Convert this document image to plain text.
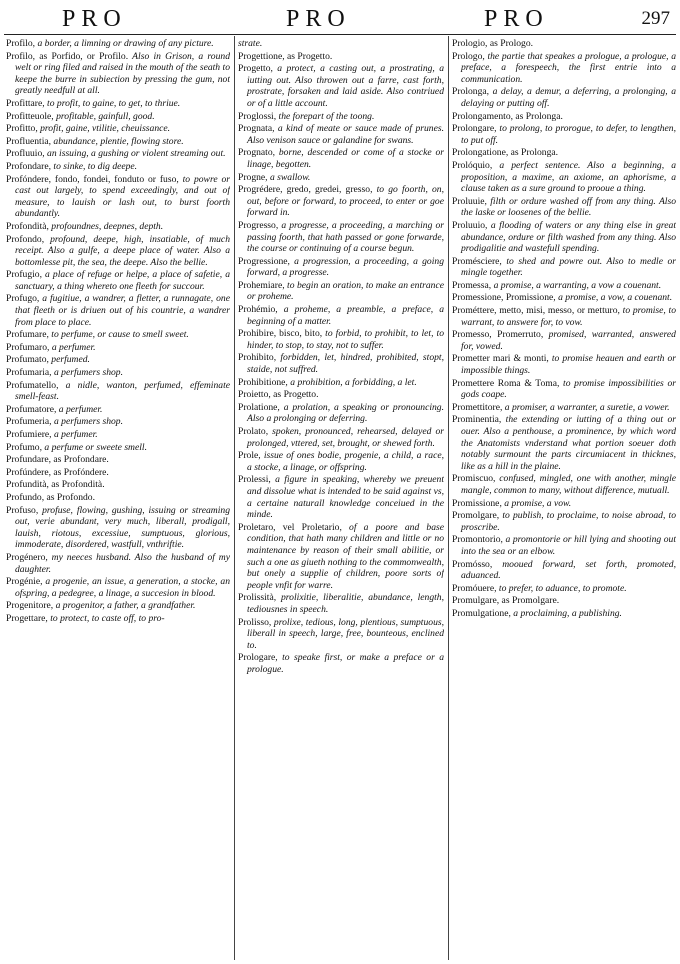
PRO	PRO	PRO	297
Profilo, a border, a limning or drawing of any picture.
Profilo, as Porfido, or Profilo. Also in Grison, a round welt or ring filed and raised in the mouth of the seath to keepe the burre in subiection by pressing the gum, not greatly needfull at all.
Profittare, to profit, to gaine, to get, to thriue.
Profitteuole, profitable, gainfull, good.
Profitto, profit, gaine, vtilitie, cheuissance.
Profluentia, abundance, plentie, flowing store.
Profluuio, an issuing, a gushing or violent streaming out.
Profondare, to sinke, to dig deepe.
Profóndere, fondo, fondei, fonduto or fuso, to powre or cast out largely, to spend exceedingly, and out of measure, to lauish or lash out, to burst foorth abundantly.
Profondità, profoundnes, deepnes, depth.
Profondo, profound, deepe, high, insatiable, of much receipt. Also a gulfe, a deepe place of water. Also a bottomlesse pit, the sea, the deepe. Also the bellie.
Profugio, a place of refuge or helpe, a place of safetie, a sanctuary, a thing whereto one fleeth for succour.
Profugo, a fugitiue, a wandrer, a fletter, a runnagate, one that fleeth or is driuen out of his countrie, a wandrer from place to place.
Profumare, to perfume, or cause to smell sweet.
Profumaro, a perfumer.
Profumato, perfumed.
Profumaria, a perfumers shop.
Profumatello, a nidle, wanton, perfumed, effeminate smell-feast.
Profumatore, a perfumer.
Profumeria, a perfumers shop.
Profumiere, a perfumer.
Profumo, a perfume or sweete smell.
Profundare, as Profondare.
Profúndere, as Profóndere.
Profundità, as Profondità.
Profundo, as Profondo.
Profuso, profuse, flowing, gushing, issuing or streaming out, verie abundant, very much, liberall, prodigall, lauish, riotous, excessiue, sumptuous, glorious, immoderate, disordered, wastfull, vnthriftie.
Progénero, my neeces husband. Also the husband of my daughter.
Progénie, a progenie, an issue, a generation, a stocke, an ofspring, a pedegree, a linage, a succesion in blood.
Progenitore, a progenitor, a father, a grandfather.
Progettare, to protect, to caste off, to pro-
strate.
Progettione, as Progetto.
Progetto, a protect, a casting out, a prostrating, a iutting out. Also throwen out a farre, cast forth, prostrate, forsaken and laid aside. Also contriued or of a little account.
Proglossi, the forepart of the toong.
Prognata, a kind of meate or sauce made of prunes. Also venison sauce or galandine for swans.
Prognato, borne, descended or come of a stocke or linage, begotten.
Progne, a swallow.
Progrédere, gredo, gredei, gresso, to go foorth, on, out, before or forward, to proceed, to enter or goe forward in.
Progresso, a progresse, a proceeding, a marching or passing foorth, that hath passed or gone forwarde, the course or continuing of a course begun.
Progressione, a progression, a proceeding, a going forward, a progresse.
Prohemiare, to begin an oration, to make an entrance or proheme.
Prohémio, a proheme, a preamble, a preface, a beginning of a matter.
Prohibire, bisco, bito, to forbid, to prohibit, to let, to hinder, to stop, to stay, not to suffer.
Prohibito, forbidden, let, hindred, prohibited, stopt, staide, not suffred.
Prohibitione, a prohibition, a forbidding, a let.
Proietto, as Progetto.
Prolatione, a prolation, a speaking or pronouncing. Also a prolonging or deferring.
Prolato, spoken, pronounced, rehearsed, delayed or prolonged, vttered, set, brought, or shewed forth.
Prole, issue of ones bodie, progenie, a child, a race, a stocke, a linage, or offspring.
Prolessi, a figure in speaking, whereby we preuent and dissolue what is intended to be said against vs, a certaine naturall knowledge conceiued in the minde.
Proletaro, vel Proletario, of a poore and base condition, that hath many children and little or no maintenance by reason of their small abilitie, or such a one as giueth nothing to the commonwealth, but onely a supplie of children, poore sorts of people vnfit for warre.
Prolissità, prolixitie, liberalitie, abundance, length, tediousnes in speech.
Prolisso, prolixe, tedious, long, plentious, sumptuous, liberall in speech, large, free, bounteous, enclined to.
Prologare, to speake first, or make a preface or a prologue.
Prologio, as Prologo.
Prologo, the partie that speakes a prologue, a prologue, a preface, a forespeech, the first entrie into a communication.
Prolonga, a delay, a demur, a deferring, a prolonging, a delaying or putting off.
Prolongamento, as Prolonga.
Prolongare, to prolong, to prorogue, to defer, to lengthen, to put off.
Prolongatione, as Prolonga.
Prolóquio, a perfect sentence. Also a beginning, a proposition, a maxime, an axiome, an aphorisme, a clause taken as a sure ground to prooue a thing.
Proluuie, filth or ordure washed off from any thing. Also the laske or loosenes of the bellie.
Proluuio, a flooding of waters or any thing else in great abundance, ordure or filth washed from any thing. Also prodigalitie and wastefull spending.
Promésciere, to shed and powre out. Also to medle or mingle together.
Promessa, a promise, a warranting, a vow a couenant.
Promessione, Promissione, a promise, a vow, a couenant.
Prométtere, metto, misi, messo, or metturo, to promise, to warrant, to answere for, to vow.
Promesso, Promerruto, promised, warranted, answered for, vowed.
Prometter mari & monti, to promise heauen and earth or impossible things.
Promettere Roma & Toma, to promise impossibilities or gods coape.
Promettitore, a promiser, a warranter, a suretie, a vower.
Prominentia, the extending or iutting of a thing out or ouer. Also a penthouse, a prominence, by which word the Anatomists vnderstand what portion soeuer doth notably surmount the parts circumiacent in thicknes, like as a hill in the plaine.
Promiscuo, confused, mingled, one with another, mingle mangle, common to many, without difference, mutuall.
Promissione, a promise, a vow.
Promolgare, to publish, to proclaime, to noise abroad, to proscribe.
Promontorio, a promontorie or hill lying and shooting out into the sea or an elbow.
Promósso, mooued forward, set forth, promoted, aduanced.
Promóuere, to prefer, to aduance, to promote.
Promulgare, as Promolgare.
Promulgatione, a proclaiming, a publishing.
